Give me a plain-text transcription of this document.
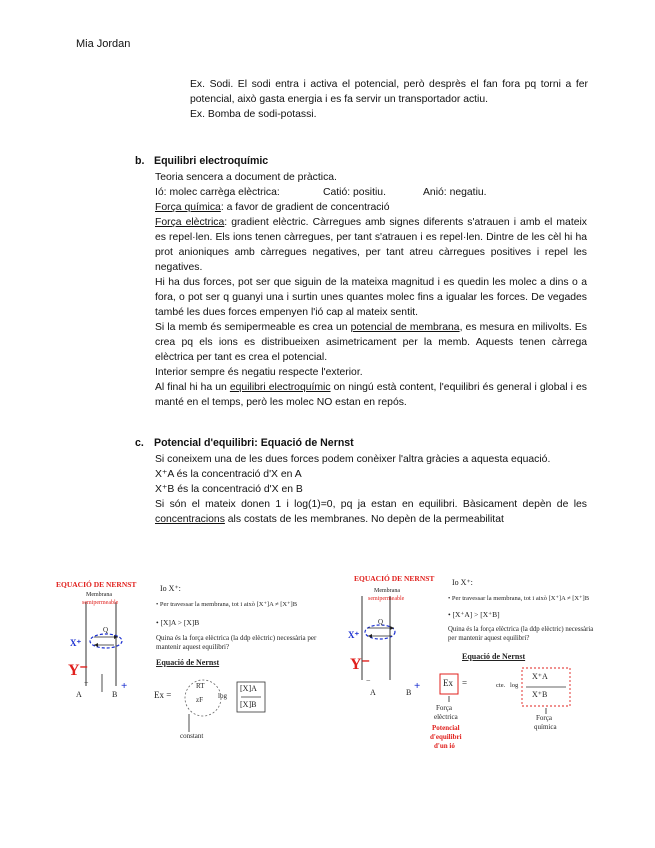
Mia Jordan

Ex. Sodi. El sodi entra i activa el potencial, però desprès el fan fora pq torni a fer potencial, això gasta energia i es fa servir un transportador actiu.

Ex. Bomba de sodi-potassi.

b. Equilibri electroquímic

Teoria sencera a document de pràctica.

Ió: molec carrèga elèctrica:	Catió: positiu.	Anió: negatiu.

Força química: a favor de gradient de concentració

Força elèctrica: gradient elèctric. Càrregues amb signes diferents s'atrauen i amb el mateix es repel·len. Els ions tenen càrregues, per tant s'atrauen i es repel·len. Dintre de les cèl hi ha prot anioniques amb càrregues negatives, per tant atreu càrregues positives i repel les negatives.

Hi ha dus forces, pot ser que siguin de la mateixa magnitud i es quedin les molec a dins o a fora, o pot ser q guanyi una i surtin unes quantes molec fins a igualar les forces. De vegades també les dues forces empenyen l'ió cap al mateix sentit.

Si la memb és semipermeable es crea un potencial de membrana, es mesura en milivolts. Es crea pq els ions es distribueixen asimetricament per la memb. Aquests tenen càrrega elèctrica per tant es crea el potencial.

Interior sempre és negatiu respecte l'exterior.

Al final hi ha un equilibri electroquímic on ningú està content, l'equilibri és general i global i es manté en el temps, però les molec NO estan en repós.

c. Potencial d'equilibri: Equació de Nernst

Si coneixem una de les dues forces podem conèixer l'altra gràcies a aquesta equació.

X⁺A és la concentració d'X en A

X⁺B és la concentració d'X en B

Si són el mateix donen 1 i log(1)=0, pq ja estan en equilibri. Bàsicament depèn de les concentracions als costats de les membranes. No depèn de la permeabilitat

EQUACIÓ DE NERNST
Membrana
semipermeable
Q
X⁺
Y⁻
A	B
+
−
Io X⁺:
• Per travessar la membrana, tot i això [X⁺]A ≠ [X⁺]B
• [X]A > [X]B
Quina és la força elèctrica (la ddp elèctric) necessària per mantenir aquest equilibri?
Equació de Nernst
Ex =
RT
zF log
[X]A
[X]B
constant
EQUACIÓ DE NERNST
Membrana
semipermeable
Q
X⁺
Y⁻
A	B
+
−
Io X⁺:
• Per travessar la membrana, tot i això [X⁺]A ≠ [X⁺]B
• [X⁺A] > [X⁺B]
Quina és la força elèctrica (la ddp elèctric) necessària per mantenir aquest equilibri?
Equació de Nernst
Ex =	cte. log
X⁺A
X⁺B
Força
elèctrica	Força
química
Potencial
d'equilibri
d'un ió
